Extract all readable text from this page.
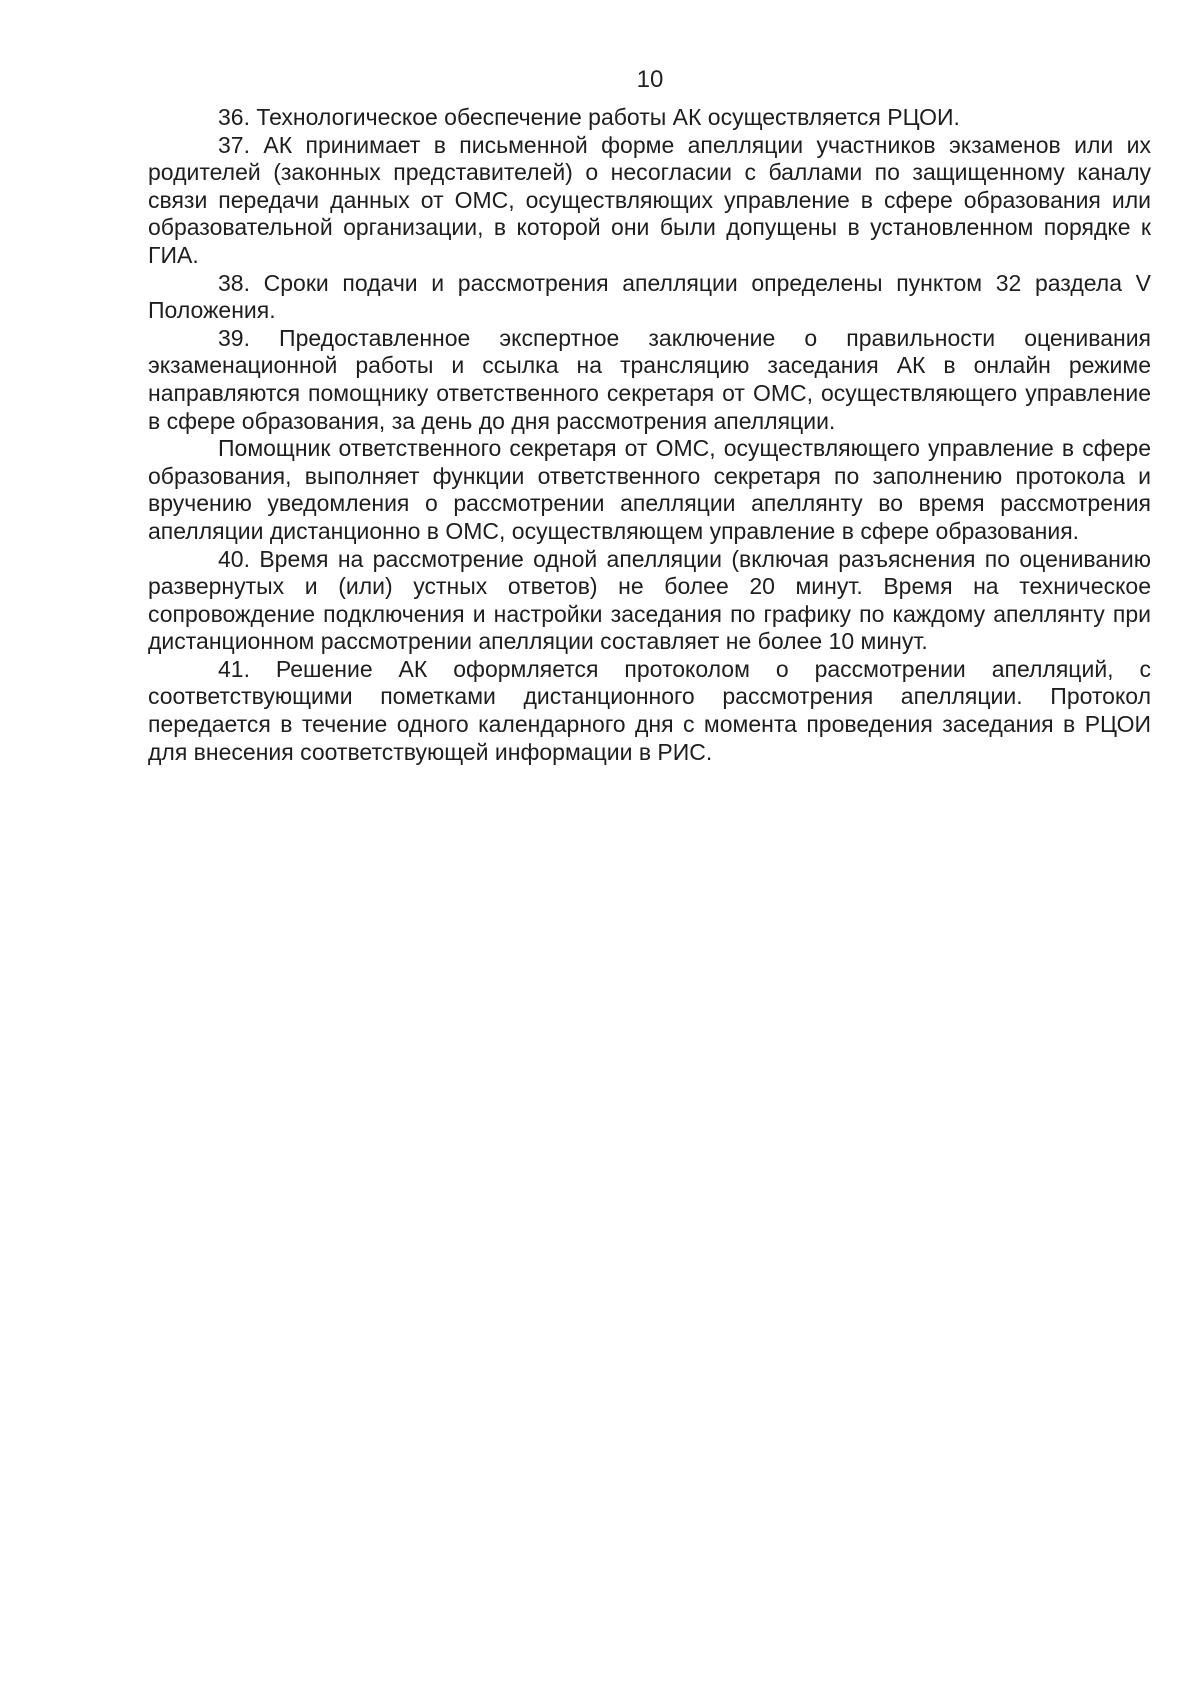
10

36. Технологическое обеспечение работы АК осуществляется РЦОИ.

37. АК принимает в письменной форме апелляции участников экзаменов или их родителей (законных представителей) о несогласии с баллами по защищенному каналу связи передачи данных от ОМС, осуществляющих управление в сфере образования или образовательной организации, в которой они были допущены в установленном порядке к ГИА.

38. Сроки подачи и рассмотрения апелляции определены пунктом 32 раздела V Положения.

39. Предоставленное экспертное заключение о правильности оценивания экзаменационной работы и ссылка на трансляцию заседания АК в онлайн режиме направляются помощнику ответственного секретаря от ОМС, осуществляющего управление в сфере образования, за день до дня рассмотрения апелляции.

Помощник ответственного секретаря от ОМС, осуществляющего управление в сфере образования, выполняет функции ответственного секретаря по заполнению протокола и вручению уведомления о рассмотрении апелляции апеллянту во время рассмотрения апелляции дистанционно в ОМС, осуществляющем управление в сфере образования.

40. Время на рассмотрение одной апелляции (включая разъяснения по оцениванию развернутых и (или) устных ответов) не более 20 минут. Время на техническое сопровождение подключения и настройки заседания по графику по каждому апеллянту при дистанционном рассмотрении апелляции составляет не более 10 минут.

41. Решение АК оформляется протоколом о рассмотрении апелляций, с соответствующими пометками дистанционного рассмотрения апелляции. Протокол передается в течение одного календарного дня с момента проведения заседания в РЦОИ для внесения соответствующей информации в РИС.
